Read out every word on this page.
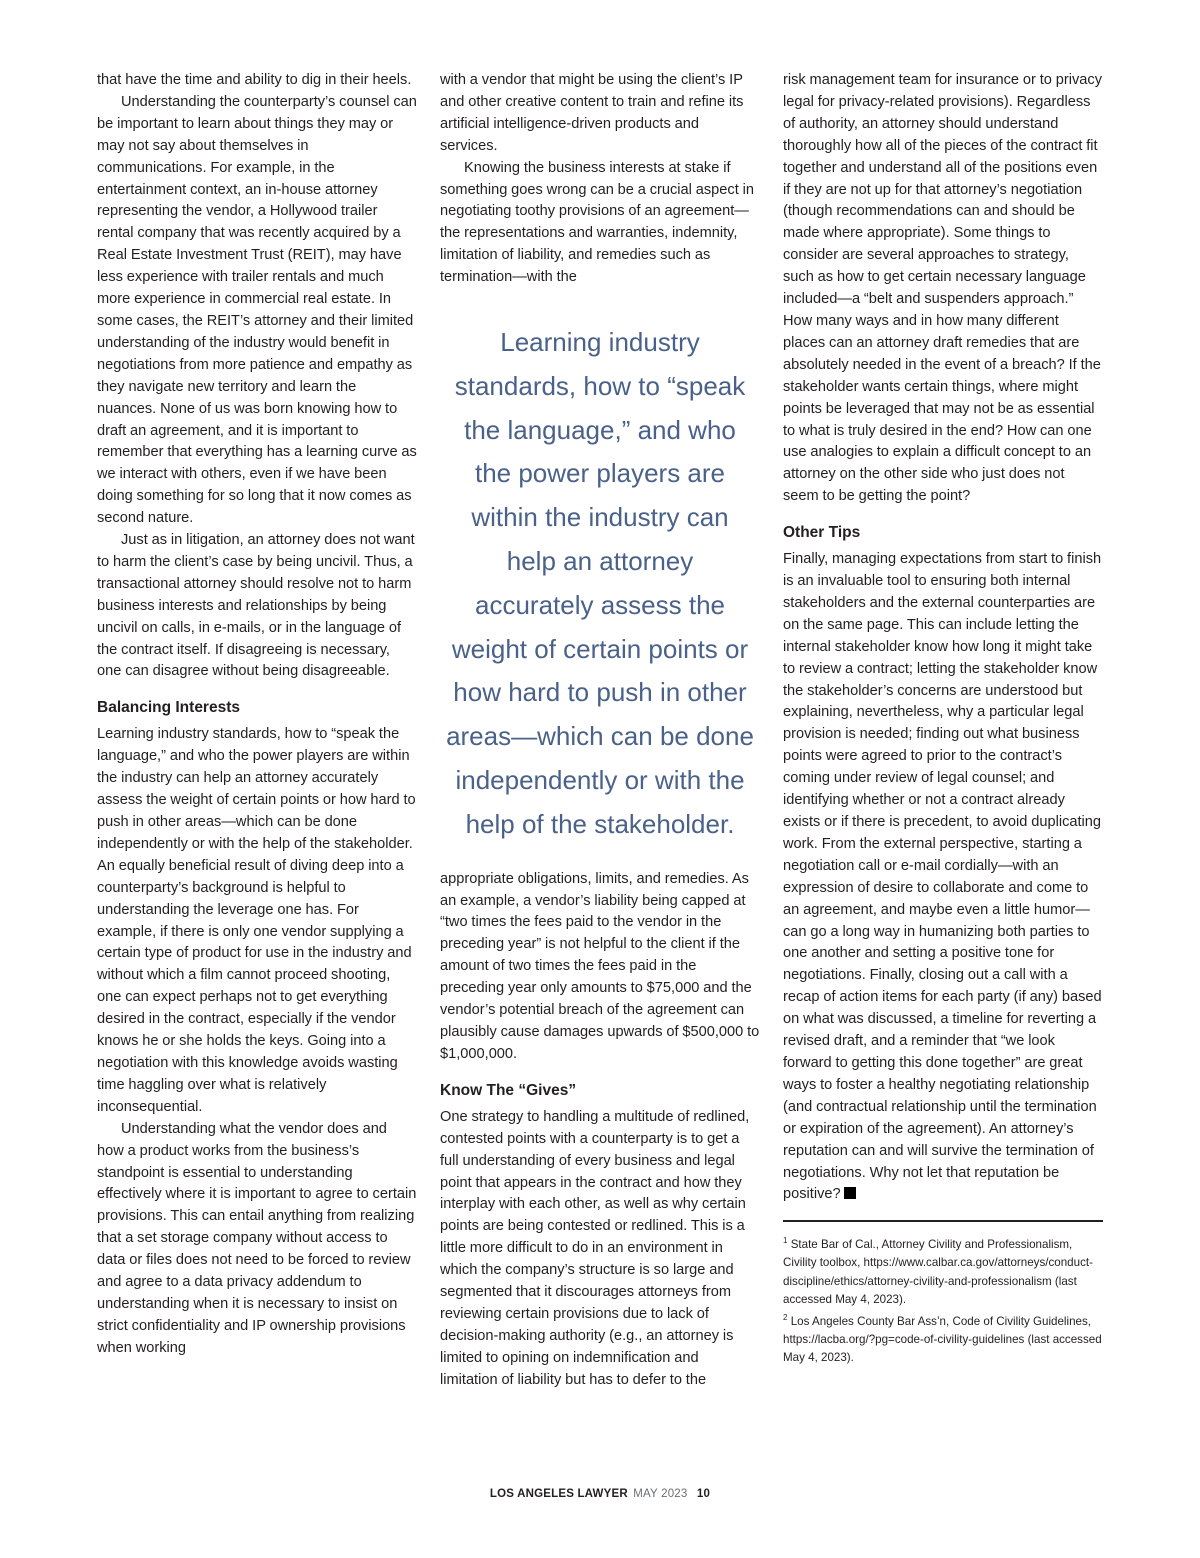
that have the time and ability to dig in their heels.

Understanding the counterparty’s counsel can be important to learn about things they may or may not say about themselves in communications. For example, in the entertainment context, an in-house attorney representing the vendor, a Hollywood trailer rental company that was recently acquired by a Real Estate Investment Trust (REIT), may have less experience with trailer rentals and much more experience in commercial real estate. In some cases, the REIT’s attorney and their limited understanding of the industry would benefit in negotiations from more patience and empathy as they navigate new territory and learn the nuances. None of us was born knowing how to draft an agreement, and it is important to remember that everything has a learning curve as we interact with others, even if we have been doing something for so long that it now comes as second nature.

Just as in litigation, an attorney does not want to harm the client’s case by being uncivil. Thus, a transactional attorney should resolve not to harm business interests and relationships by being uncivil on calls, in e-mails, or in the language of the contract itself. If disagreeing is necessary, one can disagree without being disagreeable.

Balancing Interests

Learning industry standards, how to “speak the language,” and who the power players are within the industry can help an attorney accurately assess the weight of certain points or how hard to push in other areas—which can be done independently or with the help of the stakeholder. An equally beneficial result of diving deep into a counterparty’s background is helpful to understanding the leverage one has. For example, if there is only one vendor supplying a certain type of product for use in the industry and without which a film cannot proceed shooting, one can expect perhaps not to get everything desired in the contract, especially if the vendor knows he or she holds the keys. Going into a negotiation with this knowledge avoids wasting time haggling over what is relatively inconsequential.

Understanding what the vendor does and how a product works from the business’s standpoint is essential to understanding effectively where it is important to agree to certain provisions. This can entail anything from realizing that a set storage company without access to data or files does not need to be forced to review and agree to a data privacy addendum to understanding when it is necessary to insist on strict confidentiality and IP ownership provisions when working

with a vendor that might be using the client’s IP and other creative content to train and refine its artificial intelligence-driven products and services.

Knowing the business interests at stake if something goes wrong can be a crucial aspect in negotiating toothy provisions of an agreement—the representations and warranties, indemnity, limitation of liability, and remedies such as termination—with the

Learning industry standards, how to “speak the language,” and who the power players are within the industry can help an attorney accurately assess the weight of certain points or how hard to push in other areas—which can be done independently or with the help of the stakeholder.

appropriate obligations, limits, and remedies. As an example, a vendor’s liability being capped at “two times the fees paid to the vendor in the preceding year” is not helpful to the client if the amount of two times the fees paid in the preceding year only amounts to $75,000 and the vendor’s potential breach of the agreement can plausibly cause damages upwards of $500,000 to $1,000,000.

Know The “Gives”

One strategy to handling a multitude of redlined, contested points with a counterparty is to get a full understanding of every business and legal point that appears in the contract and how they interplay with each other, as well as why certain points are being contested or redlined. This is a little more difficult to do in an environment in which the company’s structure is so large and segmented that it discourages attorneys from reviewing certain provisions due to lack of decision-making authority (e.g., an attorney is limited to opining on indemnification and limitation of liability but has to defer to the

risk management team for insurance or to privacy legal for privacy-related provisions). Regardless of authority, an attorney should understand thoroughly how all of the pieces of the contract fit together and understand all of the positions even if they are not up for that attorney’s negotiation (though recommendations can and should be made where appropriate). Some things to consider are several approaches to strategy, such as how to get certain necessary language included—a “belt and suspenders approach.” How many ways and in how many different places can an attorney draft remedies that are absolutely needed in the event of a breach? If the stakeholder wants certain things, where might points be leveraged that may not be as essential to what is truly desired in the end? How can one use analogies to explain a difficult concept to an attorney on the other side who just does not seem to be getting the point?

Other Tips

Finally, managing expectations from start to finish is an invaluable tool to ensuring both internal stakeholders and the external counterparties are on the same page. This can include letting the internal stakeholder know how long it might take to review a contract; letting the stakeholder know the stakeholder’s concerns are understood but explaining, nevertheless, why a particular legal provision is needed; finding out what business points were agreed to prior to the contract’s coming under review of legal counsel; and identifying whether or not a contract already exists or if there is precedent, to avoid duplicating work. From the external perspective, starting a negotiation call or e-mail cordially—with an expression of desire to collaborate and come to an agreement, and maybe even a little humor—can go a long way in humanizing both parties to one another and setting a positive tone for negotiations. Finally, closing out a call with a recap of action items for each party (if any) based on what was discussed, a timeline for reverting a revised draft, and a reminder that “we look forward to getting this done together” are great ways to foster a healthy negotiating relationship (and contractual relationship until the termination or expiration of the agreement). An attorney’s reputation can and will survive the termination of negotiations. Why not let that reputation be positive?

$^1$ State Bar of Cal., Attorney Civility and Professionalism, Civility toolbox, https://www.calbar.ca.gov/attorneys/conduct-discipline/ethics/attorney-civility-and-professionalism (last accessed May 4, 2023).

$^2$ Los Angeles County Bar Ass’n, Code of Civility Guidelines, https://lacba.org/?pg=code-of-civility-guidelines (last accessed May 4, 2023).

LOS ANGELES LAWYER MAY 2023 10
